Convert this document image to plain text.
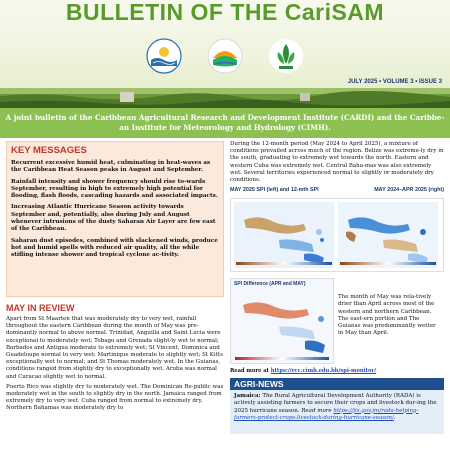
BULLETIN OF THE CariSAM
JULY 2025 • VOLUME 3 • ISSUE 3
A joint bulletin of the Caribbean Agricultural Research and Development Institute (CARDI) and the Caribbe-
an Institute for Meteorology and Hydrology (CIMH).
KEY MESSAGES

Recurrent excessive humid heat, culminating in heat-waves as the Caribbean Heat Season peaks in August and September.

Rainfall intensity and shower frequency should rise to-wards September, resulting in high to extremely high potential for flooding, flash floods, cascading hazards and associated impacts.

Increasing Atlantic Hurricane Season activity towards September and, potentially, also during July and August whenever intrusions of the dusty Saharan Air Layer are few east of the Caribbean.

Saharan dust episodes, combined with slackened winds, produce hot and humid spells with reduced air quality, all the while stifling intense shower and tropical cyclone ac-tivity.

MAY IN REVIEW

Apart from St Maarten that was moderately dry to very wet, rainfall throughout the eastern Caribbean during the month of May was pre-dominantly normal to above normal. Trinidad, Anguilla and Saint Lucia were exceptional to moderately wet; Tobago and Grenada slight-ly wet to normal; Barbados and Antigua moderate to extremely wet; St Vincent, Dominica and Guadeloupe normal to very wet; Martinique moderate to slightly wet; St Kitts exceptionally wet to normal; and St Thomas moderately wet. In the Guianas, conditions ranged from slightly dry to exceptionally wet. Aruba was normal and Curacao slightly wet to normal.

Puerto Rico was slightly dry to moderately wet. The Dominican Re-public was moderately wet in the south to slightly dry in the north. Jamaica ranged from extremely dry to very wet. Cuba ranged from normal to extremely dry. Northern Bahamas was moderately dry to

During the 12-month period (May 2024 to April 2025), a mixture of conditions prevailed across much of the region. Belize was extreme-ly dry in the south, graduating to extremely wet towards the north. Eastern and western Cuba was extremely wet. Central Baha-mas was also extremely wet. Several territories experienced normal to slightly or moderately dry conditions.

MAY 2025 SPI (left) and 12-mth SPI	MAY 2024–APR 2025 (right)
SPI Difference (APR and MAY)

The month of May was rela-tively drier than April across most of the western and northern Caribbean. The east-ern portion and The Guianas was predominantly wetter in May than April.

Read more at https://rcc.cimh.edu.bb/spi-monitor/

AGRI-NEWS
Jamaica: The Rural Agricultural Development Authority (RADA) is actively assisting farmers to secure their crops and livestock dur-ing the 2025 hurricane season. Read more https://jis.gov.jm/rada-helping-farmers-protect-crops-livestock-during-hurricane-season/.
